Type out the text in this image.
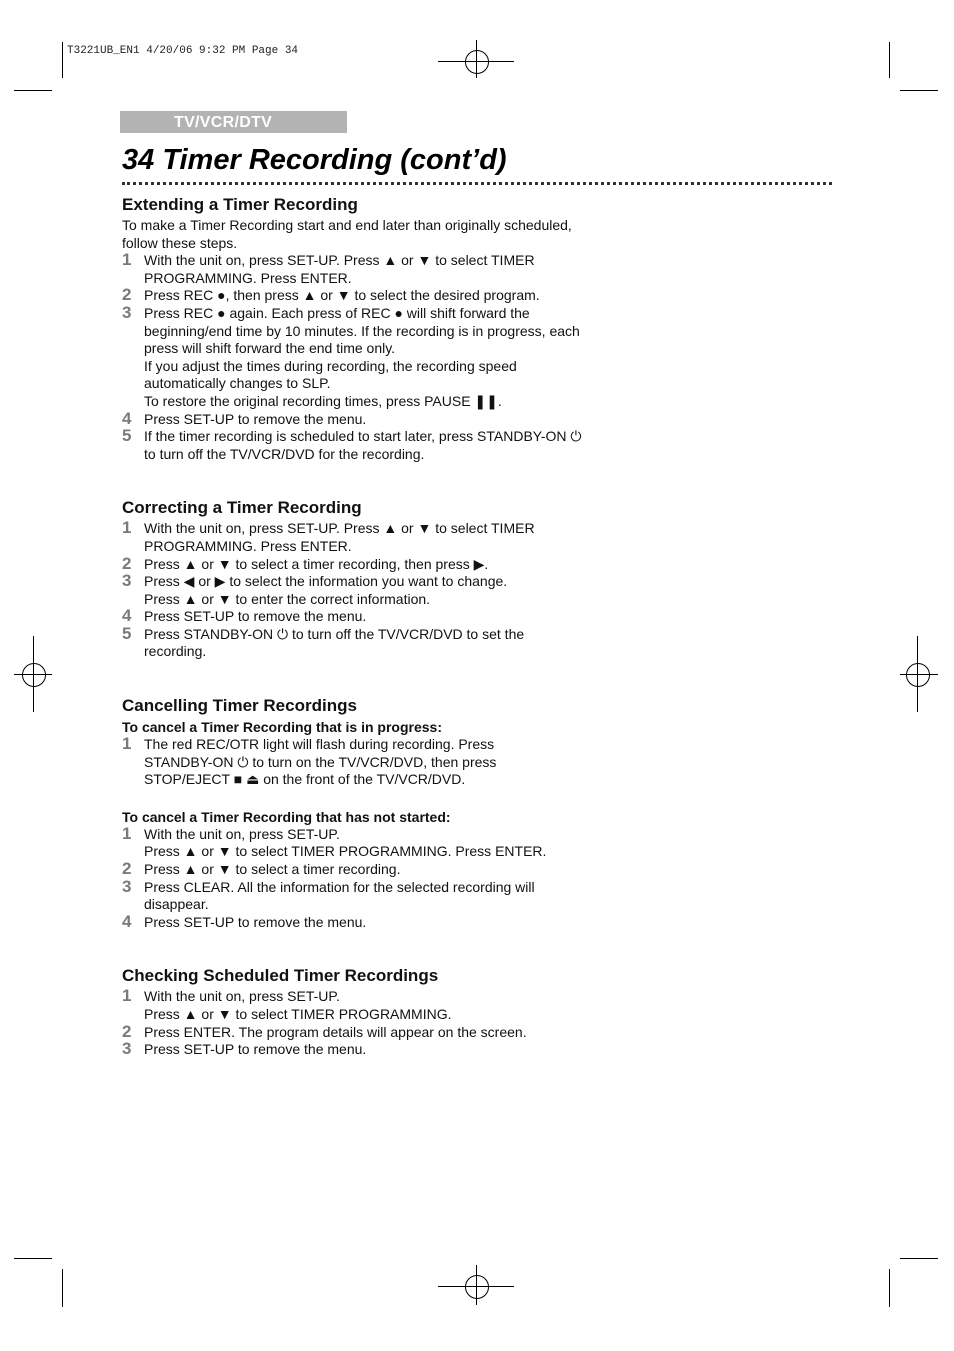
T3221UB_EN1 4/20/06 9:32 PM Page 34
TV/VCR/DTV
34 Timer Recording (cont’d)
Extending a Timer Recording

To make a Timer Recording start and end later than originally scheduled,
follow these steps.

1 With the unit on, press SET-UP. Press ▲ or ▼ to select TIMER
PROGRAMMING. Press ENTER.
2 Press REC ●, then press ▲ or ▼ to select the desired program.
3 Press REC ● again. Each press of REC ● will shift forward the
beginning/end time by 10 minutes. If the recording is in progress, each
press will shift forward the end time only.
If you adjust the times during recording, the recording speed
automatically changes to SLP.
To restore the original recording times, press PAUSE ❚❚.
4 Press SET-UP to remove the menu.
5 If the timer recording is scheduled to start later, press STANDBY-ON ⏻
to turn off the TV/VCR/DVD for the recording.
Correcting a Timer Recording
1 With the unit on, press SET-UP. Press ▲ or ▼ to select TIMER
PROGRAMMING. Press ENTER.
2 Press ▲ or ▼ to select a timer recording, then press ▶.
3 Press ◀ or ▶ to select the information you want to change.
Press ▲ or ▼ to enter the correct information.
4 Press SET-UP to remove the menu.
5 Press STANDBY-ON ⏻ to turn off the TV/VCR/DVD to set the
recording.
Cancelling Timer Recordings

To cancel a Timer Recording that is in progress:

1 The red REC/OTR light will flash during recording. Press
STANDBY-ON ⏻ to turn on the TV/VCR/DVD, then press
STOP/EJECT ■ ⏏ on the front of the TV/VCR/DVD.

To cancel a Timer Recording that has not started:

1 With the unit on, press SET-UP.
Press ▲ or ▼ to select TIMER PROGRAMMING. Press ENTER.
2 Press ▲ or ▼ to select a timer recording.
3 Press CLEAR. All the information for the selected recording will
disappear.
4 Press SET-UP to remove the menu.
Checking Scheduled Timer Recordings
1 With the unit on, press SET-UP.
Press ▲ or ▼ to select TIMER PROGRAMMING.
2 Press ENTER. The program details will appear on the screen.
3 Press SET-UP to remove the menu.
